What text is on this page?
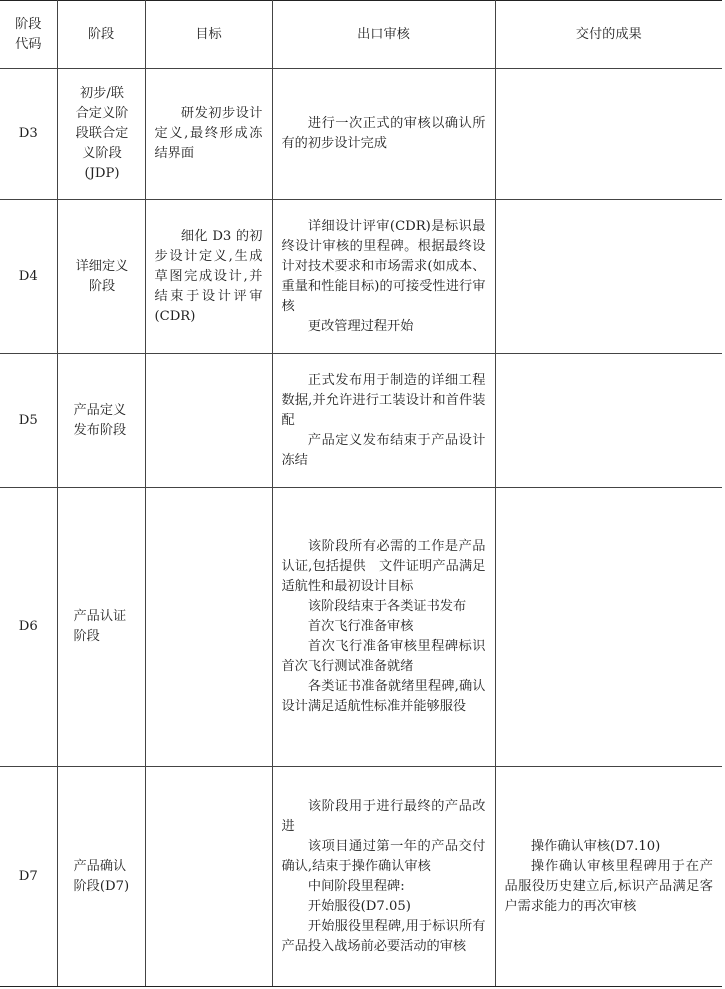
阶段
代码	阶段	目标	出口审核	交付的成果
D3	初步/联合定义阶段联合定义阶段(JDP)	研发初步设计定义,最终形成冻结界面	进行一次正式的审核以确认所有的初步设计完成	

D4	详细定义阶段	细化 D3 的初步设计定义,生成草图完成设计,并结束于设计评审(CDR)	详细设计评审(CDR)是标识最终设计审核的里程碑。根据最终设计对技术要求和市场需求(如成本、重量和性能目标)的可接受性进行审核
更改管理过程开始	

D5	产品定义发布阶段		正式发布用于制造的详细工程数据,并允许进行工装设计和首件装配
产品定义发布结束于产品设计冻结	

D6	产品认证阶段		该阶段所有必需的工作是产品认证,包括提供　文件证明产品满足适航性和最初设计目标
该阶段结束于各类证书发布
首次飞行准备审核
首次飞行准备审核里程碑标识首次飞行测试准备就绪
各类证书准备就绪里程碑,确认设计满足适航性标准并能够服役	

D7	产品确认阶段(D7)		该阶段用于进行最终的产品改进
该项目通过第一年的产品交付确认,结束于操作确认审核
中间阶段里程碑:
开始服役(D7.05)
开始服役里程碑,用于标识所有产品投入战场前必要活动的审核	操作确认审核(D7.10)
操作确认审核里程碑用于在产品服役历史建立后,标识产品满足客户需求能力的再次审核
